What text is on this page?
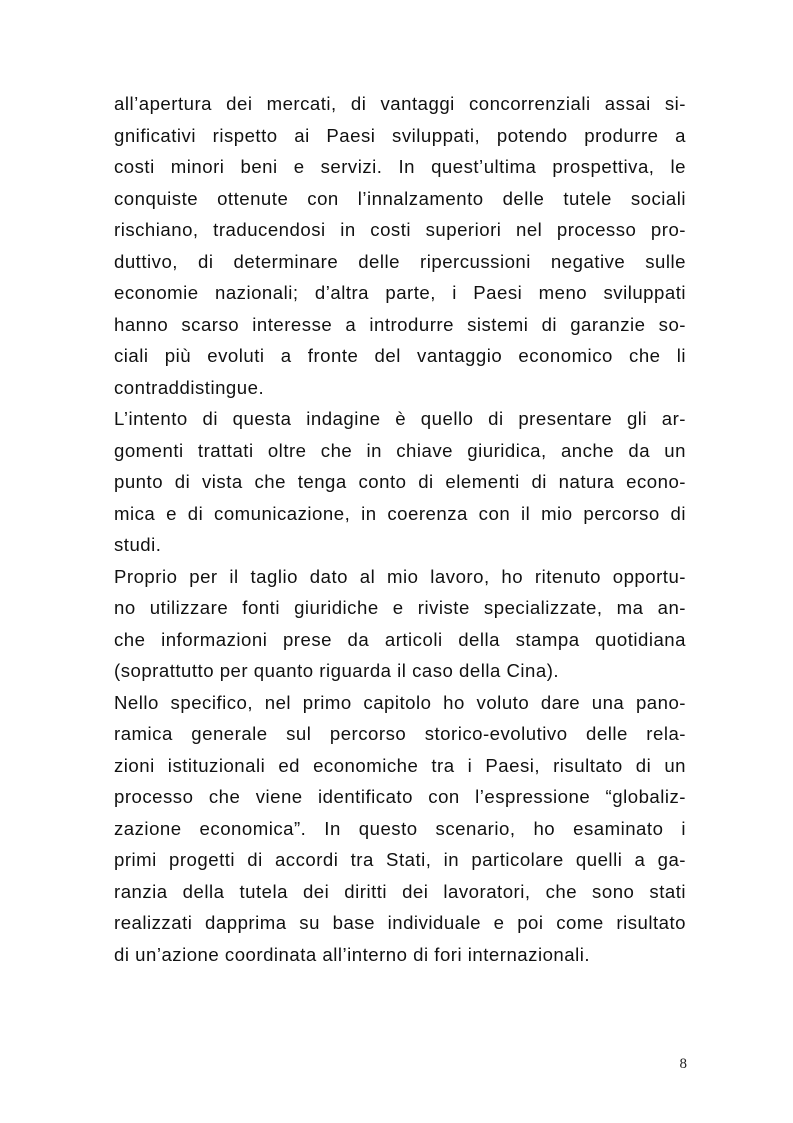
all’apertura dei mercati, di vantaggi concorrenziali assai si-
gnificativi rispetto ai Paesi sviluppati, potendo produrre a
costi minori beni e servizi. In quest’ultima prospettiva, le
conquiste ottenute con l’innalzamento delle tutele sociali
rischiano, traducendosi in costi superiori nel processo pro-
duttivo, di determinare delle ripercussioni negative sulle
economie nazionali; d’altra parte, i Paesi meno sviluppati
hanno scarso interesse a introdurre sistemi di garanzie so-
ciali più evoluti a fronte del vantaggio economico che li
contraddistingue.

L’intento di questa indagine è quello di presentare gli ar-
gomenti trattati oltre che in chiave giuridica, anche da un
punto di vista che tenga conto di elementi di natura econo-
mica e di comunicazione, in coerenza con il mio percorso di
studi.

Proprio per il taglio dato al mio lavoro, ho ritenuto opportu-
no utilizzare fonti giuridiche e riviste specializzate, ma an-
che informazioni prese da articoli della stampa quotidiana
(soprattutto per quanto riguarda il caso della Cina).

Nello specifico, nel primo capitolo ho voluto dare una pano-
ramica generale sul percorso storico-evolutivo delle rela-
zioni istituzionali ed economiche tra i Paesi, risultato di un
processo che viene identificato con l’espressione “globaliz-
zazione economica”. In questo scenario, ho esaminato i
primi progetti di accordi tra Stati, in particolare quelli a ga-
ranzia della tutela dei diritti dei lavoratori, che sono stati
realizzati dapprima su base individuale e poi come risultato
di un’azione coordinata all’interno di fori internazionali.

8
